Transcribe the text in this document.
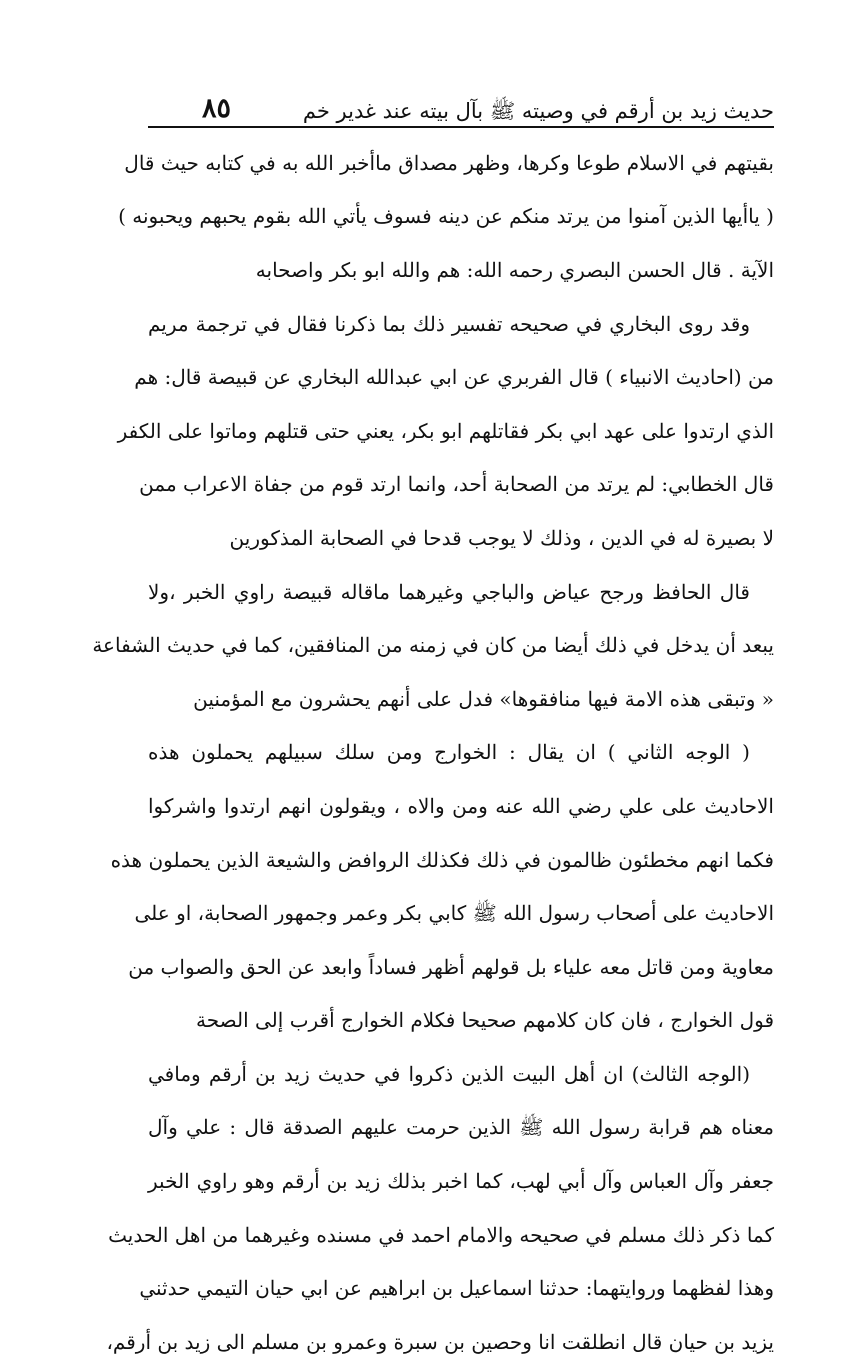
حديث زيد بن أرقم في وصيته ﷺ بآل بيته عند غدير خم
٨٥
بقيتهم في الاسلام طوعا وكرها، وظهر مصداق ماأخبر الله به في كتابه حيث قال
( ياأيها الذين آمنوا من يرتد منكم عن دينه فسوف يأتي الله بقوم يحبهم ويحبونه )
الآية . قال الحسن البصري رحمه الله: هم والله ابو بكر واصحابه
وقد روى البخاري في صحيحه تفسير ذلك بما ذكرنا فقال في ترجمة مريم
من (احاديث الانبياء ) قال الفربري عن ابي عبدالله البخاري عن قبيصة قال: هم
الذي ارتدوا على عهد ابي بكر فقاتلهم ابو بكر، يعني حتى قتلهم وماتوا على الكفر
قال الخطابي: لم يرتد من الصحابة أحد، وانما ارتد قوم من جفاة الاعراب ممن
لا بصيرة له في الدين ، وذلك لا يوجب قدحا في الصحابة المذكورين
قال الحافظ ورجح عياض والباجي وغيرهما ماقاله قبيصة راوي الخبر ،ولا
يبعد أن يدخل في ذلك أيضا من كان في زمنه من المنافقين، كما في حديث الشفاعة
« وتبقى هذه الامة فيها منافقوها» فدل على أنهم يحشرون مع المؤمنين
( الوجه الثاني ) ان يقال : الخوارج ومن سلك سبيلهم يحملون هذه
الاحاديث على علي رضي الله عنه ومن والاه ، ويقولون انهم ارتدوا واشركوا
فكما انهم مخطئون ظالمون في ذلك فكذلك الروافض والشيعة الذين يحملون هذه
الاحاديث على أصحاب رسول الله ﷺ كابي بكر وعمر وجمهور الصحابة، او على
معاوية ومن قاتل معه علياء بل قولهم أظهر فساداً وابعد عن الحق والصواب من
قول الخوارج ، فان كان كلامهم صحيحا فكلام الخوارج أقرب إلى الصحة
(الوجه الثالث) ان أهل البيت الذين ذكروا في حديث زيد بن أرقم ومافي
معناه هم قرابة رسول الله ﷺ الذين حرمت عليهم الصدقة قال : علي وآل
جعفر وآل العباس وآل أبي لهب، كما اخبر بذلك زيد بن أرقم وهو راوي الخبر
كما ذكر ذلك مسلم في صحيحه والامام احمد في مسنده وغيرهما من اهل الحديث
وهذا لفظهما وروايتهما: حدثنا اسماعيل بن ابراهيم عن ابي حيان التيمي حدثني
يزيد بن حيان قال انطلقت انا وحصين بن سبرة وعمرو بن مسلم الى زيد بن أرقم،
